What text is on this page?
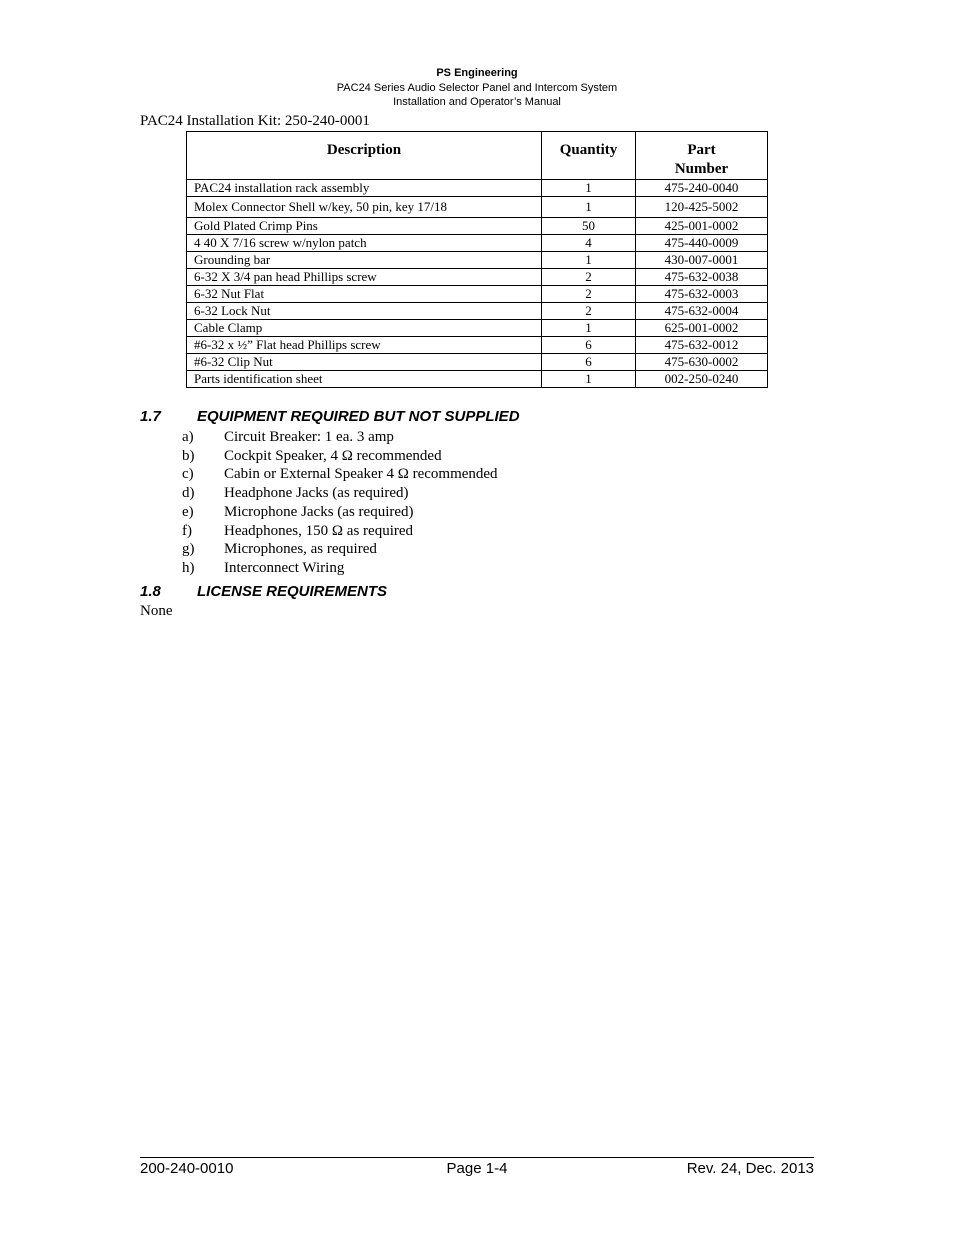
PS Engineering
PAC24 Series Audio Selector Panel and Intercom System
Installation and Operator’s Manual
PAC24 Installation Kit: 250-240-0001
Description	Quantity	Part
Number
PAC24 installation rack assembly	1	475-240-0040
Molex Connector Shell w/key, 50 pin, key 17/18	1	120-425-5002
Gold Plated Crimp Pins	50	425-001-0002
4 40 X 7/16 screw w/nylon patch	4	475-440-0009
Grounding bar	1	430-007-0001
6-32 X 3/4 pan head Phillips screw	2	475-632-0038
6-32 Nut Flat	2	475-632-0003
6-32 Lock Nut	2	475-632-0004
Cable Clamp	1	625-001-0002
#6-32 x ½” Flat head Phillips screw	6	475-632-0012
#6-32 Clip Nut	6	475-630-0002
Parts identification sheet	1	002-250-0240
1.7 EQUIPMENT REQUIRED BUT NOT SUPPLIED
a) Circuit Breaker: 1 ea. 3 amp
b) Cockpit Speaker, 4 Ω recommended
c) Cabin or External Speaker 4 Ω recommended
d) Headphone Jacks (as required)
e) Microphone Jacks (as required)
f) Headphones, 150 Ω as required
g) Microphones, as required
h) Interconnect Wiring
1.8 LICENSE REQUIREMENTS
None
200-240-0010	Page 1-4	Rev. 24, Dec. 2013
